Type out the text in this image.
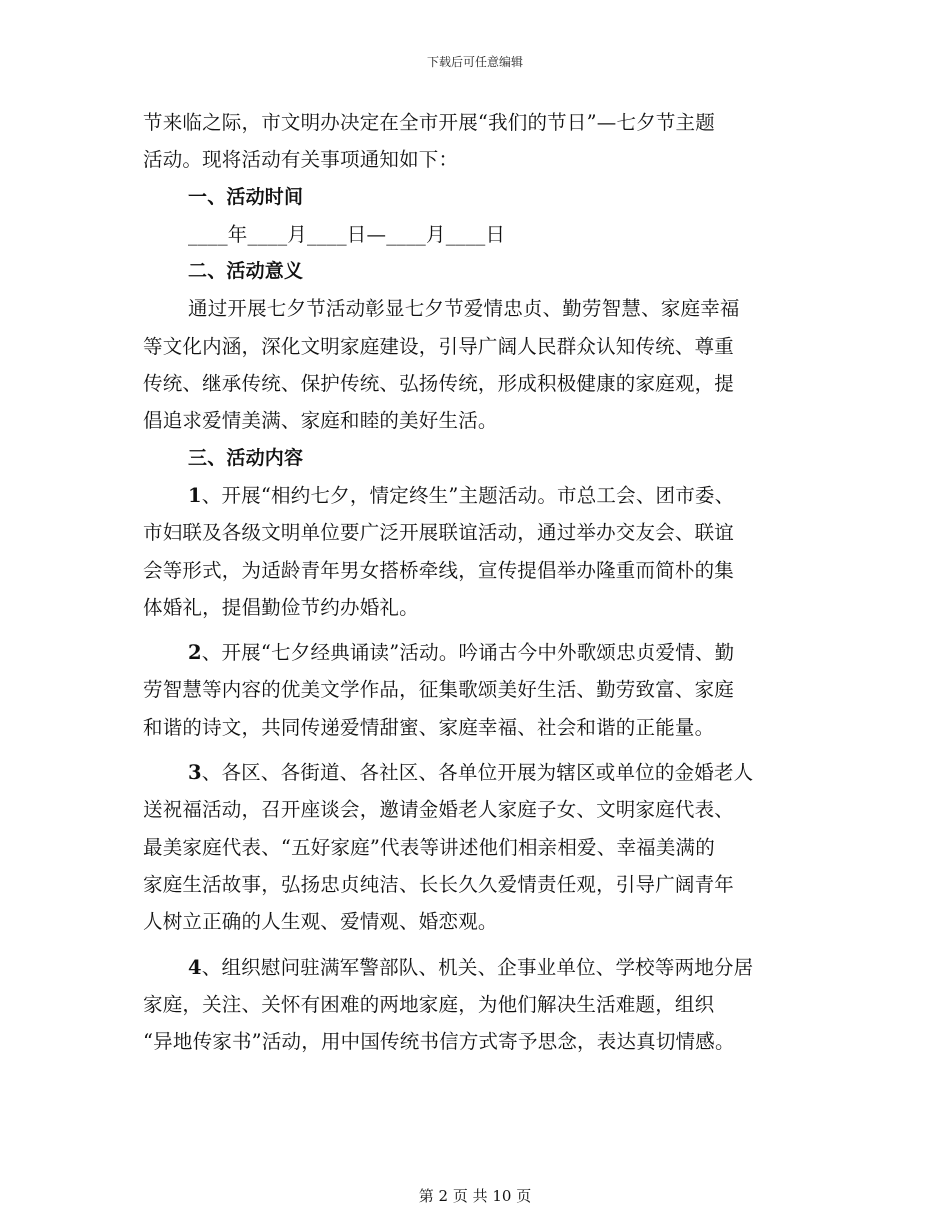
下载后可任意编辑
节来临之际，市文明办决定在全市开展“我们的节日”—七夕节主题
活动。现将活动有关事项通知如下：
一、活动时间
____年____月____日—____月____日
二、活动意义
通过开展七夕节活动彰显七夕节爱情忠贞、勤劳智慧、家庭幸福
等文化内涵，深化文明家庭建设，引导广阔人民群众认知传统、尊重
传统、继承传统、保护传统、弘扬传统，形成积极健康的家庭观，提
倡追求爱情美满、家庭和睦的美好生活。
三、活动内容
1、开展“相约七夕，情定终生”主题活动。市总工会、团市委、
市妇联及各级文明单位要广泛开展联谊活动，通过举办交友会、联谊
会等形式，为适龄青年男女搭桥牵线，宣传提倡举办隆重而简朴的集
体婚礼，提倡勤俭节约办婚礼。
2、开展“七夕经典诵读”活动。吟诵古今中外歌颂忠贞爱情、勤
劳智慧等内容的优美文学作品，征集歌颂美好生活、勤劳致富、家庭
和谐的诗文，共同传递爱情甜蜜、家庭幸福、社会和谐的正能量。
3、各区、各街道、各社区、各单位开展为辖区或单位的金婚老人
送祝福活动，召开座谈会，邀请金婚老人家庭子女、文明家庭代表、
最美家庭代表、“五好家庭”代表等讲述他们相亲相爱、幸福美满的
家庭生活故事，弘扬忠贞纯洁、长长久久爱情责任观，引导广阔青年
人树立正确的人生观、爱情观、婚恋观。
4、组织慰问驻满军警部队、机关、企事业单位、学校等两地分居
家庭，关注、关怀有困难的两地家庭，为他们解决生活难题，组织
“异地传家书”活动，用中国传统书信方式寄予思念，表达真切情感。
第 2 页 共 10 页
